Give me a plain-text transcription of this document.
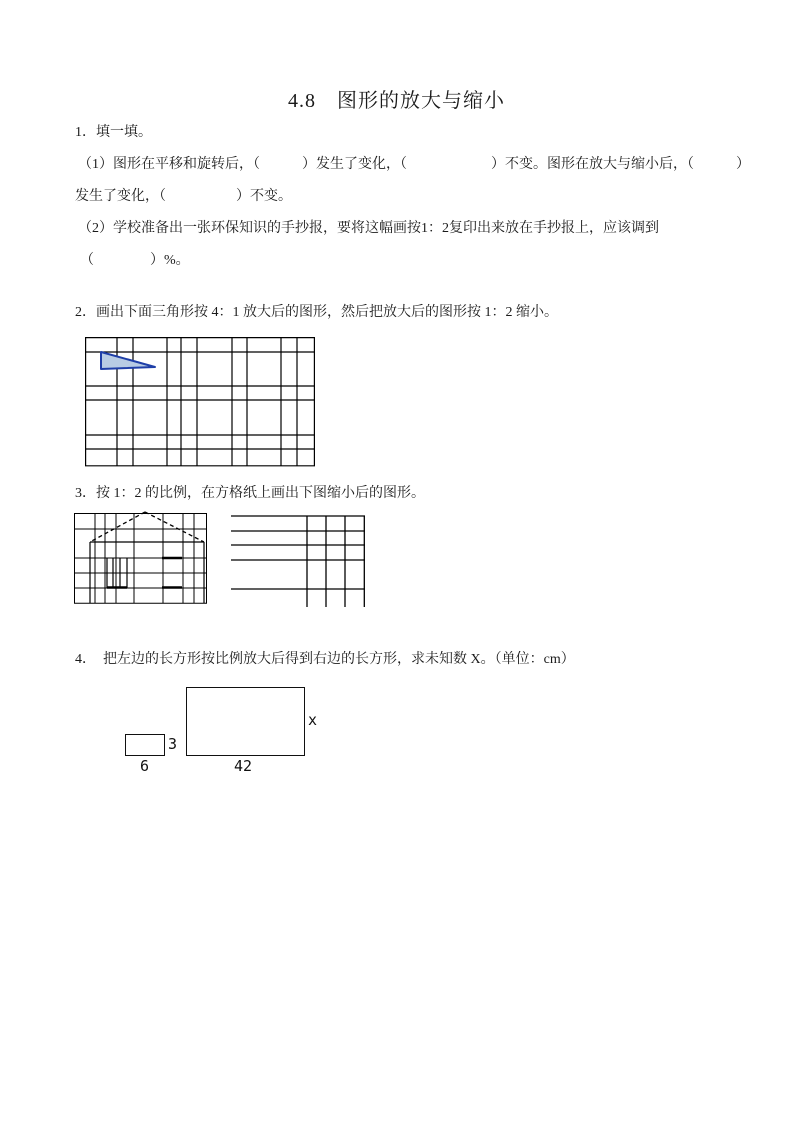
4.8　图形的放大与缩小
1．填一填。
（1）图形在平移和旋转后，（　　　）发生了变化，（　　　　　　）不变。图形在放大与缩小后，（　　　）
发生了变化，（　　　　　）不变。
（2）学校准备出一张环保知识的手抄报，要将这幅画按1：2复印出来放在手抄报上，应该调到
（　　　　）%。
2．画出下面三角形按 4：1 放大后的图形，然后把放大后的图形按 1：2 缩小。
3．按 1：2 的比例，在方格纸上画出下图缩小后的图形。
4．　把左边的长方形按比例放大后得到右边的长方形，求未知数 X。（单位：cm）
3
6	42
x
